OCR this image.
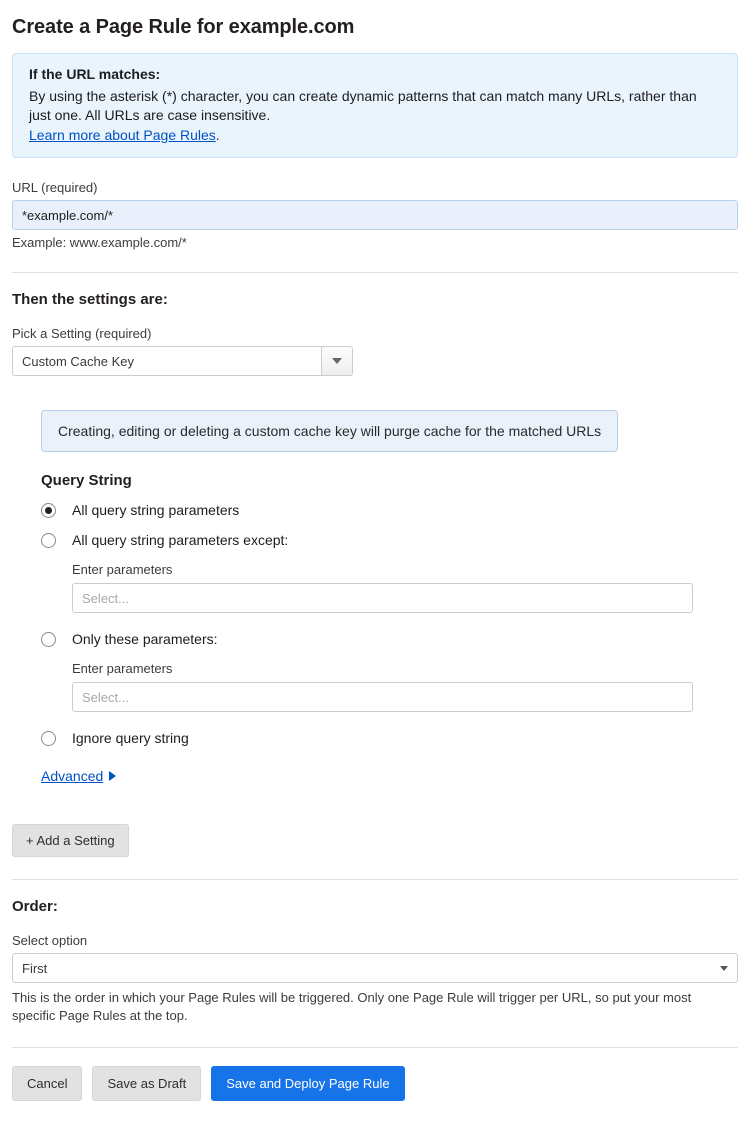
Create a Page Rule for example.com
If the URL matches:
By using the asterisk (*) character, you can create dynamic patterns that can match many URLs, rather than just one. All URLs are case insensitive.
Learn more about Page Rules.
URL (required)
*example.com/*
Example: www.example.com/*
Then the settings are:
Pick a Setting (required)
Custom Cache Key
Creating, editing or deleting a custom cache key will purge cache for the matched URLs
Query String
All query string parameters
All query string parameters except:
Enter parameters
Select...
Only these parameters:
Enter parameters
Select...
Ignore query string
Advanced
+ Add a Setting
Order:
Select option
First
This is the order in which your Page Rules will be triggered. Only one Page Rule will trigger per URL, so put your most specific Page Rules at the top.
Cancel	Save as Draft	Save and Deploy Page Rule
